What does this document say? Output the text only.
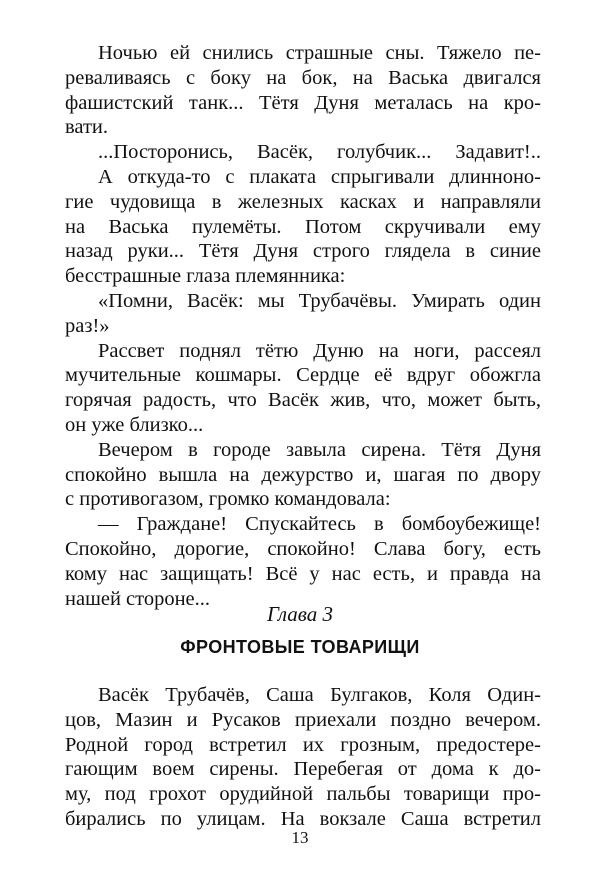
Ночью ей снились страшные сны. Тяжело пе-
реваливаясь с боку на бок, на Васька двигался
фашистский танк... Тётя Дуня металась на кро-
вати.
...Посторонись, Васёк, голубчик... Задавит!..
А откуда-то с плаката спрыгивали длинноно-
гие чудовища в железных касках и направляли
на Васька пулемёты. Потом скручивали ему
назад руки... Тётя Дуня строго глядела в синие
бесстрашные глаза племянника:
«Помни, Васёк: мы Трубачёвы. Умирать один
раз!»
Рассвет поднял тётю Дуню на ноги, рассеял
мучительные кошмары. Сердце её вдруг обожгла
горячая радость, что Васёк жив, что, может быть,
он уже близко...
Вечером в городе завыла сирена. Тётя Дуня
спокойно вышла на дежурство и, шагая по двору
с противогазом, громко командовала:
— Граждане! Спускайтесь в бомбоубежище!
Спокойно, дорогие, спокойно! Слава богу, есть
кому нас защищать! Всё у нас есть, и правда на
нашей стороне...
Глава 3
ФРОНТОВЫЕ ТОВАРИЩИ
Васёк Трубачёв, Саша Булгаков, Коля Один-
цов, Мазин и Русаков приехали поздно вечером.
Родной город встретил их грозным, предостере-
гающим воем сирены. Перебегая от дома к до-
му, под грохот орудийной пальбы товарищи про-
бирались по улицам. На вокзале Саша встретил
13
